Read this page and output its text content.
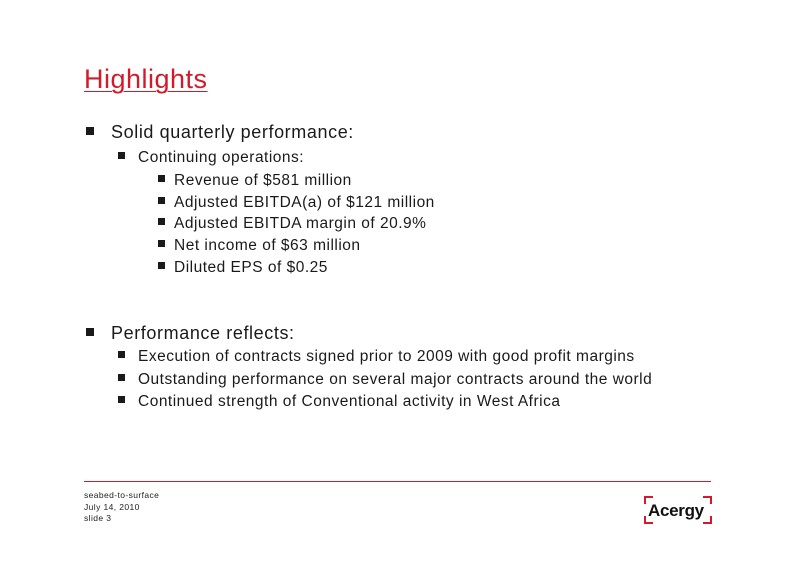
Highlights
Solid quarterly performance:
Continuing operations:
Revenue of $581 million
Adjusted EBITDA(a) of $121 million
Adjusted EBITDA margin of 20.9%
Net income of $63 million
Diluted EPS of $0.25
Performance reflects:
Execution of contracts signed prior to 2009 with good profit margins
Outstanding performance on several major contracts around the world
Continued strength of Conventional activity in West Africa
seabed-to-surface
July 14, 2010
slide 3	Acergy
